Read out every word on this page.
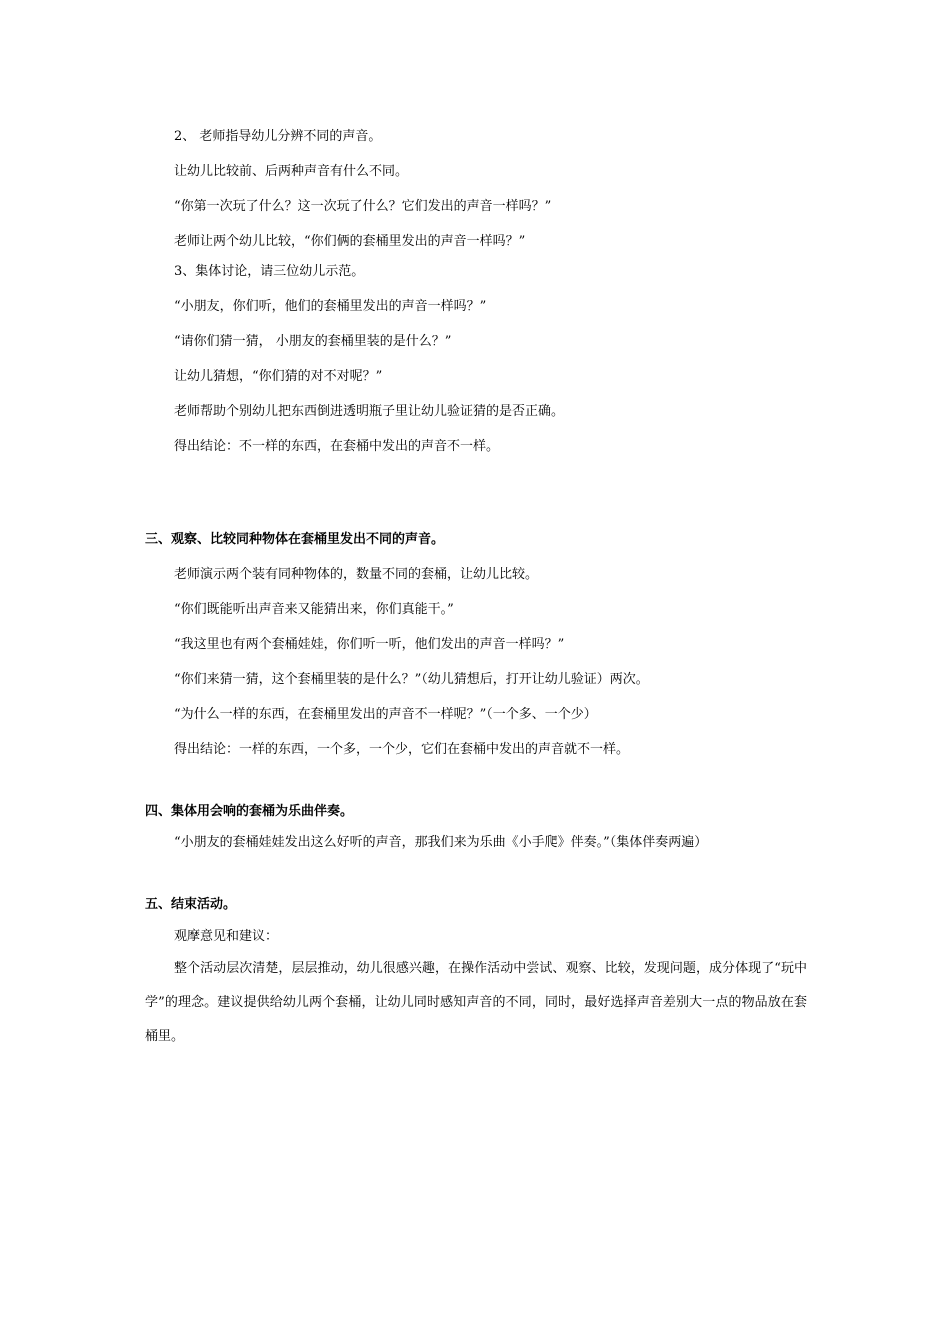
2、 老师指导幼儿分辨不同的声音。
让幼儿比较前、后两种声音有什么不同。
“你第一次玩了什么？这一次玩了什么？它们发出的声音一样吗？”
老师让两个幼儿比较，“你们俩的套桶里发出的声音一样吗？”
3、集体讨论，请三位幼儿示范。
“小朋友，你们听，他们的套桶里发出的声音一样吗？”
“请你们猜一猜， 小朋友的套桶里装的是什么？”
让幼儿猜想，“你们猜的对不对呢？”
老师帮助个别幼儿把东西倒进透明瓶子里让幼儿验证猜的是否正确。
得出结论：不一样的东西，在套桶中发出的声音不一样。
三、观察、比较同种物体在套桶里发出不同的声音。
老师演示两个装有同种物体的，数量不同的套桶，让幼儿比较。
“你们既能听出声音来又能猜出来，你们真能干。”
“我这里也有两个套桶娃娃，你们听一听，他们发出的声音一样吗？”
“你们来猜一猜，这个套桶里装的是什么？”（幼儿猜想后，打开让幼儿验证）两次。
“为什么一样的东西，在套桶里发出的声音不一样呢？”（一个多、一个少）
得出结论：一样的东西，一个多，一个少，它们在套桶中发出的声音就不一样。
四、集体用会响的套桶为乐曲伴奏。
“小朋友的套桶娃娃发出这么好听的声音，那我们来为乐曲《小手爬》伴奏。”（集体伴奏两遍）
五、结束活动。
观摩意见和建议：
整个活动层次清楚，层层推动，幼儿很感兴趣，在操作活动中尝试、观察、比较，发现问题，成分体现了“玩中学”的理念。建议提供给幼儿两个套桶，让幼儿同时感知声音的不同，同时，最好选择声音差别大一点的物品放在套桶里。
